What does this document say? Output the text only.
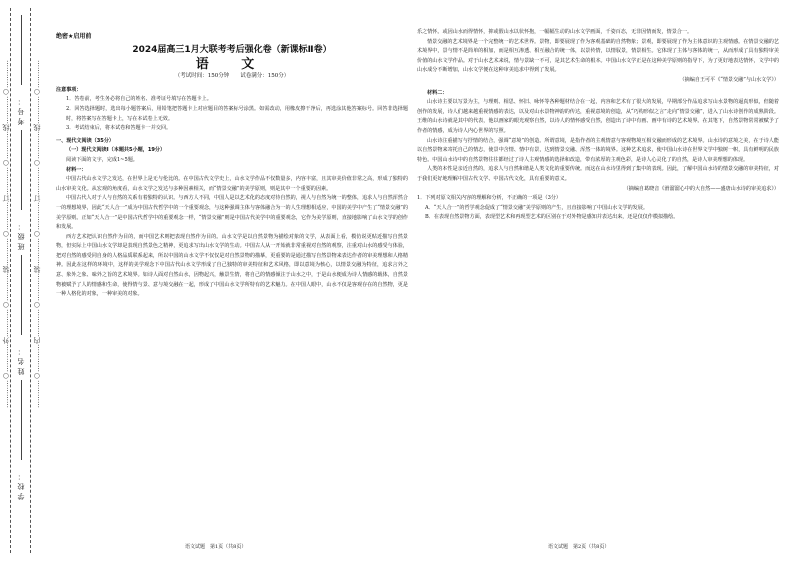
…………○…………外…………○…………装…………○…………订…………○…………线…………○…………	…………○…………内…………○…………装…………○…………订…………○…………线…………○…………
学校：
姓名：
班级：
考号：
绝密★启用前
2024届高三1月大联考考后强化卷（新课标Ⅱ卷）
语 文
（考试时间：150分钟　　试卷满分：150分）

注意事项：

1．答卷前，考生务必将自己的姓名、准考证号填写在答题卡上。

2．回答选择题时，选出每小题答案后，用铅笔把答题卡上对应题目的答案标号涂黑。如需改动，用橡皮擦干净后，再选涂其他答案标号。回答非选择题时，将答案写在答题卡上，写在本试卷上无效。

3．考试结束后，将本试卷和答题卡一并交回。

一、现代文阅读（35分）

（一）现代文阅读Ⅰ（本题共5小题，19分）

阅读下面的文字，完成1~5题。

材料一：

中国古代山水文学之发达，在世界上是无与伦比的。在中国古代文学史上，山水文学作品不仅数量多，内容丰富，且其审美价值非常之高，形成了独特的山水审美文化。从宏观的角度看，山水文学之发达与多种因素相关，而“情景交融”的美学原则，则是其中一个重要的因素。

中国古代人对于人与自然的关系有着独特的认识。与西方人不同，中国人是以艺术化的态度对待自然的，视人与自然为统一的整体，追求人与自然浑然合一的理想境界，因此“天人合一”成为中国古代哲学中的一个重要观念，与这种强调主体与客体融合为一的人生理想相适应，中国的美学中产生了“情景交融”的美学原则。正如“天人合一”是中国古代哲学中的重要观念一样，“情景交融”则是中国古代美学中的重要观念，它作为美学原则，直接地影响了山水文学的创作和发展。

西方艺术把认识自然作为目的，而中国艺术则把表现自然作为目的。山水文学是以自然景物为描绘对象的文学，从表面上看，模仿说更贴近描写自然景物，但实际上中国山水文学却是表现自然景色之精神，更追求写出山水文学的生动。中国古人从一开始就非常重视对自然的观察，注重对山水的感受与体验，把对自然的感受同自身的人格品质联系起来，所以中国的山水文学不仅仅是对自然景物的描摹，更重要的是通过描写自然景物来表达作者的审美理想和人格精神。因此在这样的环境中，这样的美学观念下中国古代山水文学形成了自己独特的审美特征和艺术风格，即以意境为核心，以情景交融为特征，追求言外之意、象外之象、味外之旨的艺术境界。如诗人面对自然山水，因物起兴，触景生情，将自己的情感倾注于山水之中，于是山水便成为诗人情感的载体，自然景物被赋予了人的情感和生命，使得情与景、意与境交融在一起，形成了中国山水文学所特有的艺术魅力。在中国人眼中，山水不仅是客观存在的自然物，更是一种人格化的对象，一种审美的对象。

乐之情怀。或因山水而得情怀，抑或假山水以状怀抱，一幅幅生动的山水文学画面，千姿百态，无非因情而发，情景合一。

情景交融的艺术境界是一个完整统一的艺术世界。景物，即要展现了作为客观基础的自然物象；景观，即要展现了作为主体意识的主观情感。在情景交融的艺术境界中，景与情不是简单的相加，而是相互渗透、相互融合的统一体，以景传情，以情驭景，情景相生。它体现了主体与客体的统一，从而形成了具有独特审美价值的山水文学作品。对于山水艺术来说，情与景缺一不可，是其艺术生命的根本。中国山水文学正是在这种美学原则的指导下，为了更好地表达情怀，文学中的山水成分不断增加，山水文学便在这种审美追求中得到了发展。

（摘编自王可平《“情景交融”与山水文学》）

材料二：

山水诗主要以写景为主，与理则、相思、怀旧、咏怀等各种题材结合在一起，内容和艺术有了很大的发展，早期部分作品追求写山水景物的逼真形似，但随着创作的发展，诗人们越来越重视情感的表达，以及对山水景物神韵的传达，重视意境的创造，从“巧构形似之言”走向“情景交融”，进入了山水诗创作的成熟阶段。王维的山水诗就是其中的代表，他以画家的眼光观察自然，以诗人的情怀感受自然，创造出了诗中有画、画中有诗的艺术境界。在其笔下，自然景物常常被赋予了作者的情感，成为诗人内心世界的写照。

山水诗注重描写与抒情的结合，强调“意境”的创造。所谓意境，是指作者的主观情意与客观物境互相交融而形成的艺术境界。山水诗的意境之美，在于诗人能以自然景物来寄托自己的情志，使景中含情、情中有景，达到情景交融、浑然一体的境界。这种艺术追求，使中国山水诗在世界文学中独树一帜，具有鲜明的民族特色。中国山水诗中的自然景物往往都经过了诗人主观情感的选择和改造，带有浓厚的主观色彩，是诗人心灵化了的自然，是诗人审美理想的体现。

人类的本性是亲近自然的，追求人与自然和谐是人类文化的重要传统。而这在山水诗里得到了集中的表现。因此，了解中国山水诗的情景交融的审美特征，对于我们更好地理解中国古代文学、中国古代文化，具有重要的意义。

（摘编自葛晓音《滑溜溜心中的大自然——盛唐山水诗的审美追求》）

1．下列对原文相关内容的理解和分析，不正确的一项是（3分）

A．“天人合一”的哲学观念促成了“情景交融”美学原则的产生，且直接影响了中国山水文学的发展。

B．在表现自然景物方面，表现型艺术和再现型艺术的区别在于对外物是感知并表达出来，还是仅仅作模拟描绘。

语文试题　第1页（共8页）	语文试题　第2页（共8页）
